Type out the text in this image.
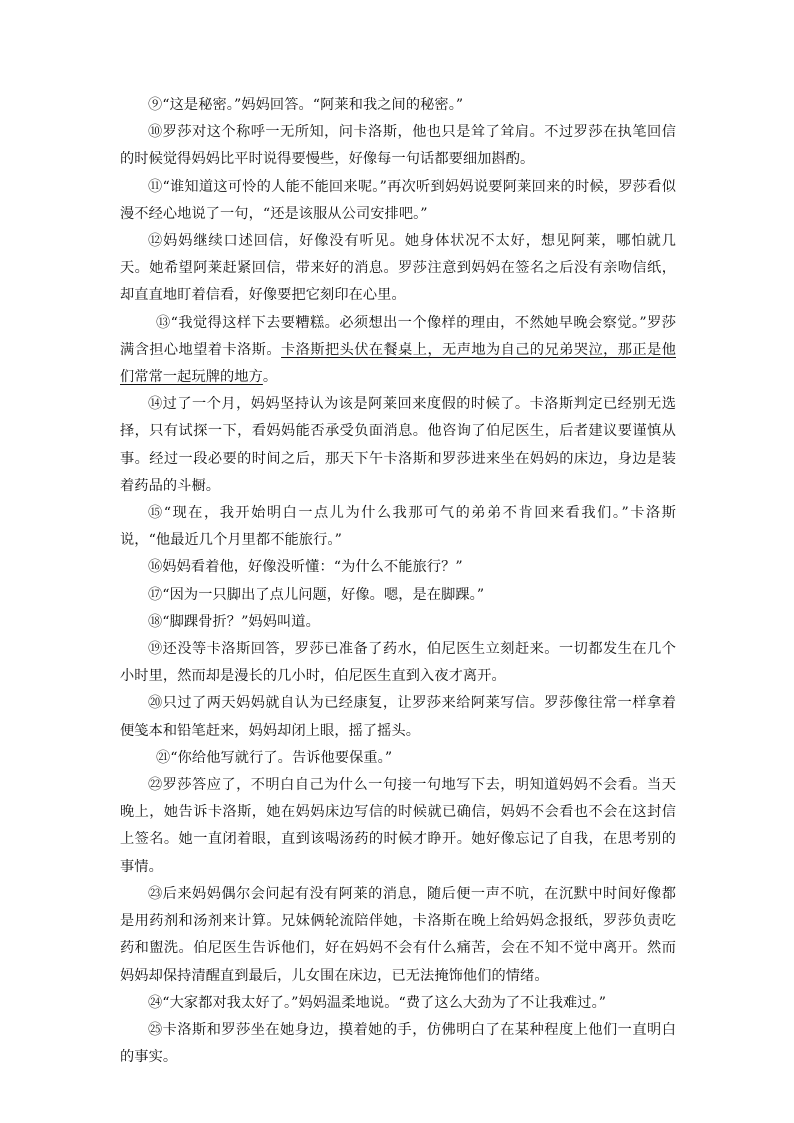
⑨“这是秘密。”妈妈回答。“阿莱和我之间的秘密。”

⑩罗莎对这个称呼一无所知，问卡洛斯，他也只是耸了耸肩。不过罗莎在执笔回信的时候觉得妈妈比平时说得要慢些，好像每一句话都要细加斟酌。

⑪“谁知道这可怜的人能不能回来呢。”再次听到妈妈说要阿莱回来的时候，罗莎看似漫不经心地说了一句，“还是该服从公司安排吧。”

⑫妈妈继续口述回信，好像没有听见。她身体状况不太好，想见阿莱，哪怕就几天。她希望阿莱赶紧回信，带来好的消息。罗莎注意到妈妈在签名之后没有亲吻信纸，却直直地盯着信看，好像要把它刻印在心里。

⑬“我觉得这样下去要糟糕。必须想出一个像样的理由，不然她早晚会察觉。”罗莎满含担心地望着卡洛斯。卡洛斯把头伏在餐桌上，无声地为自己的兄弟哭泣，那正是他们常常一起玩牌的地方。

⑭过了一个月，妈妈坚持认为该是阿莱回来度假的时候了。卡洛斯判定已经别无选择，只有试探一下，看妈妈能否承受负面消息。他咨询了伯尼医生，后者建议要谨慎从事。经过一段必要的时间之后，那天下午卡洛斯和罗莎进来坐在妈妈的床边，身边是装着药品的斗橱。

⑮“现在，我开始明白一点儿为什么我那可气的弟弟不肯回来看我们。”卡洛斯说，“他最近几个月里都不能旅行。”

⑯妈妈看着他，好像没听懂：“为什么不能旅行？”

⑰“因为一只脚出了点儿问题，好像。嗯，是在脚踝。”

⑱“脚踝骨折？”妈妈叫道。

⑲还没等卡洛斯回答，罗莎已准备了药水，伯尼医生立刻赶来。一切都发生在几个小时里，然而却是漫长的几小时，伯尼医生直到入夜才离开。

⑳只过了两天妈妈就自认为已经康复，让罗莎来给阿莱写信。罗莎像往常一样拿着便笺本和铅笔赶来，妈妈却闭上眼，摇了摇头。

㉑“你给他写就行了。告诉他要保重。”

㉒罗莎答应了，不明白自己为什么一句接一句地写下去，明知道妈妈不会看。当天晚上，她告诉卡洛斯，她在妈妈床边写信的时候就已确信，妈妈不会看也不会在这封信上签名。她一直闭着眼，直到该喝汤药的时候才睁开。她好像忘记了自我，在思考别的事情。

㉓后来妈妈偶尔会问起有没有阿莱的消息，随后便一声不吭，在沉默中时间好像都是用药剂和汤剂来计算。兄妹俩轮流陪伴她，卡洛斯在晚上给妈妈念报纸，罗莎负责吃药和盥洗。伯尼医生告诉他们，好在妈妈不会有什么痛苦，会在不知不觉中离开。然而妈妈却保持清醒直到最后，儿女围在床边，已无法掩饰他们的情绪。

㉔“大家都对我太好了。”妈妈温柔地说。“费了这么大劲为了不让我难过。”

㉕卡洛斯和罗莎坐在她身边，摸着她的手，仿佛明白了在某种程度上他们一直明白的事实。
